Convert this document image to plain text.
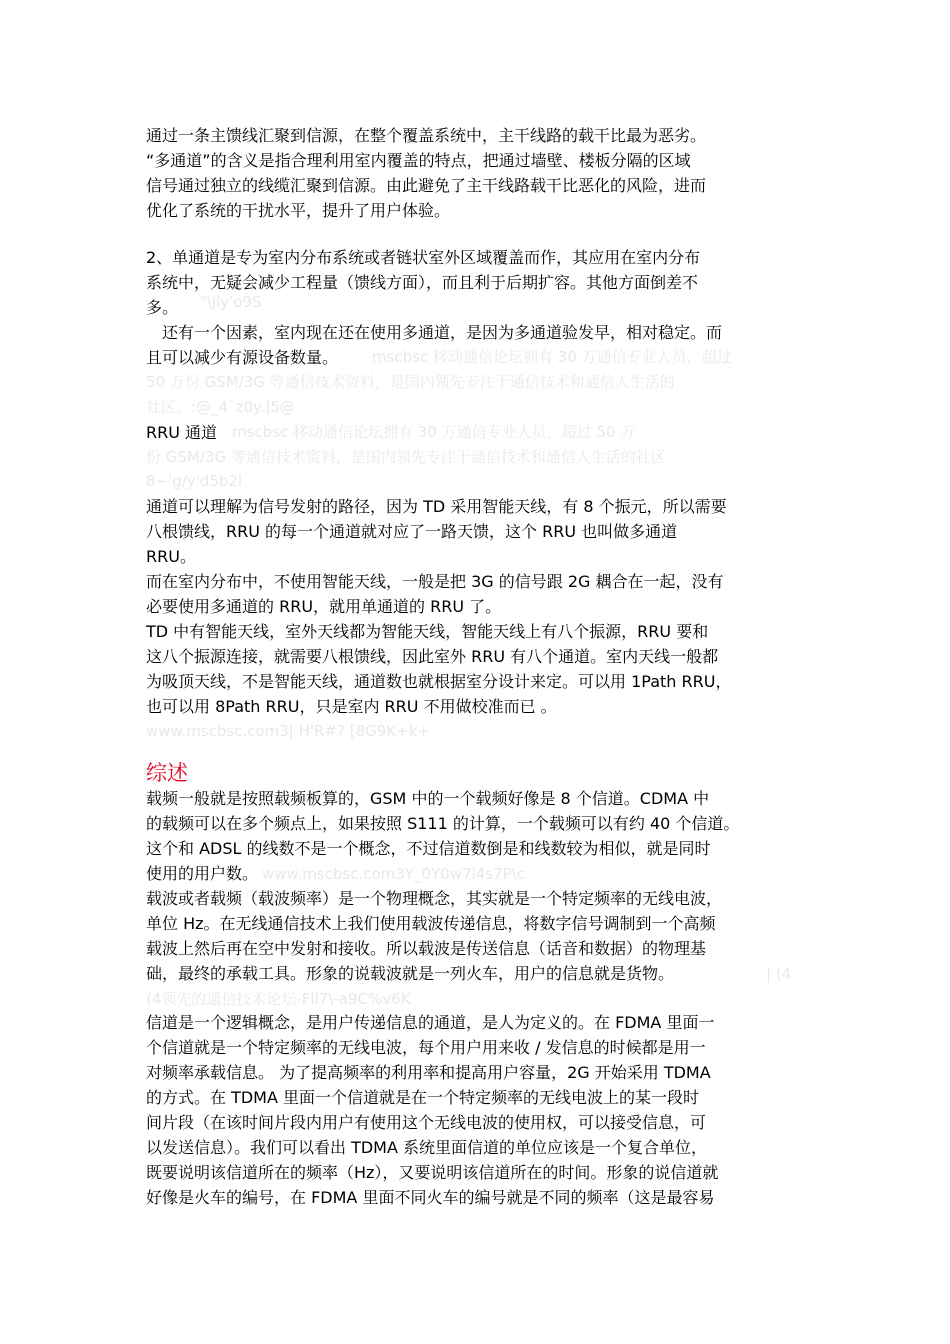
"\jly'o9S
mscbsc 移动通信论坛拥有 30 万通信专业人员，超过
50 万份 GSM/3G 等通信技术资料，是国内领先专注于通信技术和通信人生活的
社区。:@_4`z0y.]5@
mscbsc 移动通信论坛拥有 30 万通信专业人员，超过 50 万
份 GSM/3G 等通信技术资料，是国内领先专注于通信技术和通信人生活的社区
8~'g/y'd5b2l
www.mscbsc.com3| H'R#? [8G9K+k+
www.mscbsc.com3Y_0Y0w7l4s7P\c
| (4
(4领先的通信技术论坛-Fll7\-a9C%v6K
通过一条主馈线汇聚到信源，在整个覆盖系统中，主干线路的载干比最为恶劣。
“多通道”的含义是指合理利用室内覆盖的特点，把通过墙壁、楼板分隔的区域
信号通过独立的线缆汇聚到信源。由此避免了主干线路载干比恶化的风险，进而
优化了系统的干扰水平，提升了用户体验。
2、单通道是专为室内分布系统或者链状室外区域覆盖而作，其应用在室内分布
系统中，无疑会减少工程量（馈线方面），而且利于后期扩容。其他方面倒差不
多。
还有一个因素，室内现在还在使用多通道，是因为多通道验发早，相对稳定。而
且可以减少有源设备数量。
RRU 通道
通道可以理解为信号发射的路径，因为 TD 采用智能天线，有 8 个振元，所以需要
八根馈线，RRU 的每一个通道就对应了一路天馈，这个 RRU 也叫做多通道
RRU。
而在室内分布中，不使用智能天线，一般是把 3G 的信号跟 2G 耦合在一起，没有
必要使用多通道的 RRU，就用单通道的 RRU 了。
TD 中有智能天线，室外天线都为智能天线，智能天线上有八个振源，RRU 要和
这八个振源连接，就需要八根馈线，因此室外 RRU 有八个通道。室内天线一般都
为吸顶天线，不是智能天线，通道数也就根据室分设计来定。可以用 1Path RRU，
也可以用 8Path RRU，只是室内 RRU 不用做校准而已 。
综述
载频一般就是按照载频板算的，GSM 中的一个载频好像是 8 个信道。CDMA 中
的载频可以在多个频点上，如果按照 S111 的计算，一个载频可以有约 40 个信道。
这个和 ADSL 的线数不是一个概念，不过信道数倒是和线数较为相似，就是同时
使用的用户数。
载波或者载频（载波频率）是一个物理概念，其实就是一个特定频率的无线电波，
单位 Hz。在无线通信技术上我们使用载波传递信息，将数字信号调制到一个高频
载波上然后再在空中发射和接收。所以载波是传送信息（话音和数据）的物理基
础，最终的承载工具。形象的说载波就是一列火车，用户的信息就是货物。
信道是一个逻辑概念，是用户传递信息的通道，是人为定义的。在 FDMA 里面一
个信道就是一个特定频率的无线电波，每个用户用来收 / 发信息的时候都是用一
对频率承载信息。 为了提高频率的利用率和提高用户容量，2G 开始采用 TDMA
的方式。在 TDMA 里面一个信道就是在一个特定频率的无线电波上的某一段时
间片段（在该时间片段内用户有使用这个无线电波的使用权，可以接受信息，可
以发送信息）。我们可以看出 TDMA 系统里面信道的单位应该是一个复合单位，
既要说明该信道所在的频率（Hz），又要说明该信道所在的时间。形象的说信道就
好像是火车的编号，在 FDMA 里面不同火车的编号就是不同的频率（这是最容易
